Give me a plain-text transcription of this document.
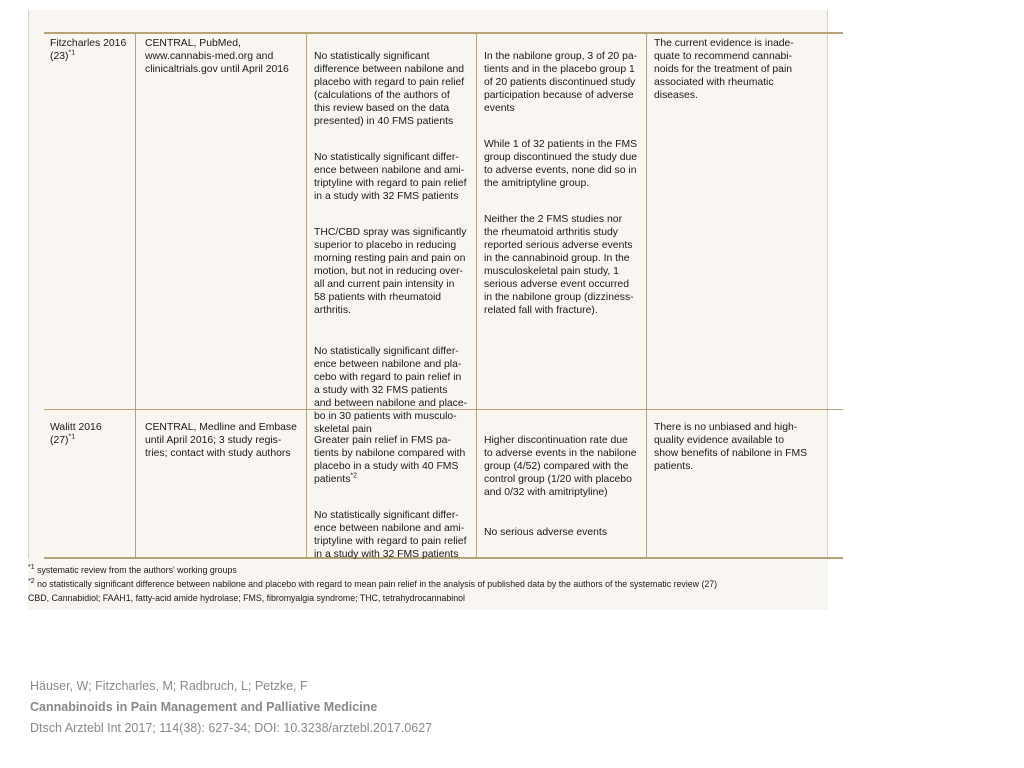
Fitzcharles 2016
$(23)^{*1}$
CENTRAL, PubMed,
www.cannabis-med.org and
clinicaltrials.gov until April 2016

No statistically significant
difference between nabilone and
placebo with regard to pain relief
(calculations of the authors of
this review based on the data
presented) in 40 FMS patients

No statistically significant differ-
ence between nabilone and ami-
triptyline with regard to pain relief
in a study with 32 FMS patients

THC/CBD spray was significantly
superior to placebo in reducing
morning resting pain and pain on
motion, but not in reducing over-
all and current pain intensity in
58 patients with rheumatoid
arthritis.

No statistically significant differ-
ence between nabilone and pla-
cebo with regard to pain relief in
a study with 32 FMS patients
and between nabilone and place-
bo in 30 patients with musculo-
skeletal pain

In the nabilone group, 3 of 20 pa-
tients and in the placebo group 1
of 20 patients discontinued study
participation because of adverse
events

While 1 of 32 patients in the FMS
group discontinued the study due
to adverse events, none did so in
the amitriptyline group.

Neither the 2 FMS studies nor
the rheumatoid arthritis study
reported serious adverse events
in the cannabinoid group. In the
musculoskeletal pain study, 1
serious adverse event occurred
in the nabilone group (dizziness-
related fall with fracture).

The current evidence is inade-
quate to recommend cannabi-
noids for the treatment of pain
associated with rheumatic
diseases.
Walitt 2016
$(27)^{*1}$
CENTRAL, Medline and Embase
until April 2016; 3 study regis-
tries; contact with study authors

Greater pain relief in FMS pa-
tients by nabilone compared with
placebo in a study with 40 FMS
patients$^{*2}$

No statistically significant differ-
ence between nabilone and ami-
triptyline with regard to pain relief
in a study with 32 FMS patients

Higher discontinuation rate due
to adverse events in the nabilone
group (4/52) compared with the
control group (1/20 with placebo
and 0/32 with amitriptyline)

No serious adverse events

There is no unbiased and high-
quality evidence available to
show benefits of nabilone in FMS
patients.
$^{*1}$ systematic review from the authors' working groups
$^{*2}$ no statistically significant difference between nabilone and placebo with regard to mean pain relief in the analysis of published data by the authors of the systematic review (27)
CBD, Cannabidiol; FAAH1, fatty-acid amide hydrolase; FMS, fibromyalgia syndrome; THC, tetrahydrocannabinol
Häuser, W; Fitzcharles, M; Radbruch, L; Petzke, F
Cannabinoids in Pain Management and Palliative Medicine
Dtsch Arztebl Int 2017; 114(38): 627-34; DOI: 10.3238/arztebl.2017.0627
